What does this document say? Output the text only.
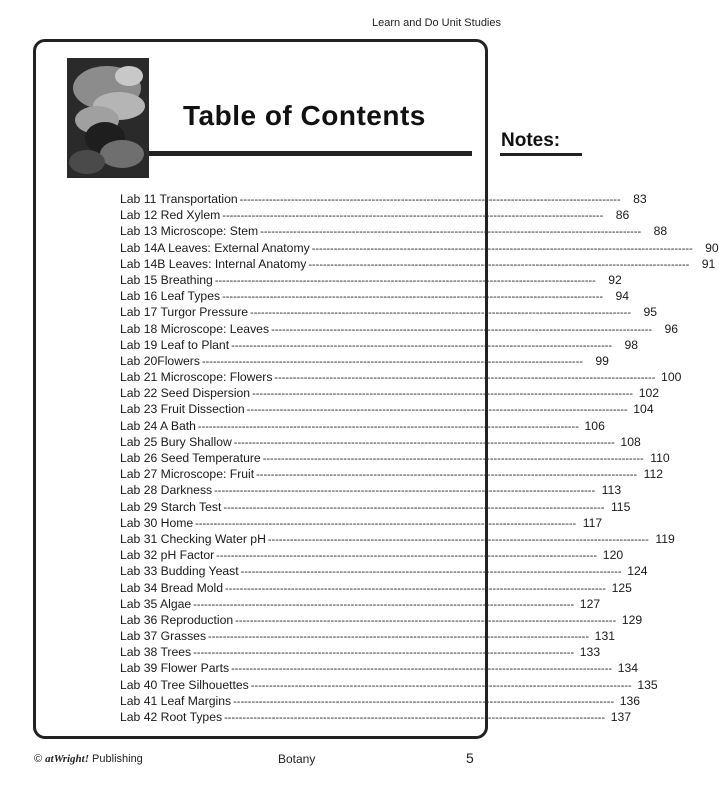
Learn and Do Unit Studies
Table of Contents
Notes:
Lab 11 Transportation --------------------------------------------------------------------------------------------------------	83
Lab 12 Red Xylem --------------------------------------------------------------------------------------------------------	86
Lab 13 Microscope: Stem --------------------------------------------------------------------------------------------------------	88
Lab 14A Leaves: External Anatomy --------------------------------------------------------------------------------------------------------	90
Lab 14B Leaves: Internal Anatomy --------------------------------------------------------------------------------------------------------	91
Lab 15 Breathing --------------------------------------------------------------------------------------------------------	92
Lab 16 Leaf Types --------------------------------------------------------------------------------------------------------	94
Lab 17 Turgor Pressure --------------------------------------------------------------------------------------------------------	95
Lab 18 Microscope: Leaves --------------------------------------------------------------------------------------------------------	96
Lab 19 Leaf to Plant --------------------------------------------------------------------------------------------------------	98
Lab 20Flowers --------------------------------------------------------------------------------------------------------	99
Lab 21 Microscope: Flowers -------------------------------------------------------------------------------------------------------- 100
Lab 22 Seed Dispersion -------------------------------------------------------------------------------------------------------- 102
Lab 23 Fruit Dissection -------------------------------------------------------------------------------------------------------- 104
Lab 24 A Bath -------------------------------------------------------------------------------------------------------- 106
Lab 25 Bury Shallow -------------------------------------------------------------------------------------------------------- 108
Lab 26 Seed Temperature -------------------------------------------------------------------------------------------------------- 110
Lab 27 Microscope: Fruit -------------------------------------------------------------------------------------------------------- 112
Lab 28 Darkness -------------------------------------------------------------------------------------------------------- 113
Lab 29 Starch Test -------------------------------------------------------------------------------------------------------- 115
Lab 30 Home -------------------------------------------------------------------------------------------------------- 117
Lab 31 Checking Water pH -------------------------------------------------------------------------------------------------------- 119
Lab 32 pH Factor -------------------------------------------------------------------------------------------------------- 120
Lab 33 Budding Yeast -------------------------------------------------------------------------------------------------------- 124
Lab 34 Bread Mold -------------------------------------------------------------------------------------------------------- 125
Lab 35 Algae -------------------------------------------------------------------------------------------------------- 127
Lab 36 Reproduction -------------------------------------------------------------------------------------------------------- 129
Lab 37 Grasses -------------------------------------------------------------------------------------------------------- 131
Lab 38 Trees -------------------------------------------------------------------------------------------------------- 133
Lab 39 Flower Parts -------------------------------------------------------------------------------------------------------- 134
Lab 40 Tree Silhouettes -------------------------------------------------------------------------------------------------------- 135
Lab 41 Leaf Margins -------------------------------------------------------------------------------------------------------- 136
Lab 42 Root Types -------------------------------------------------------------------------------------------------------- 137
© atWright! Publishing	Botany	5
